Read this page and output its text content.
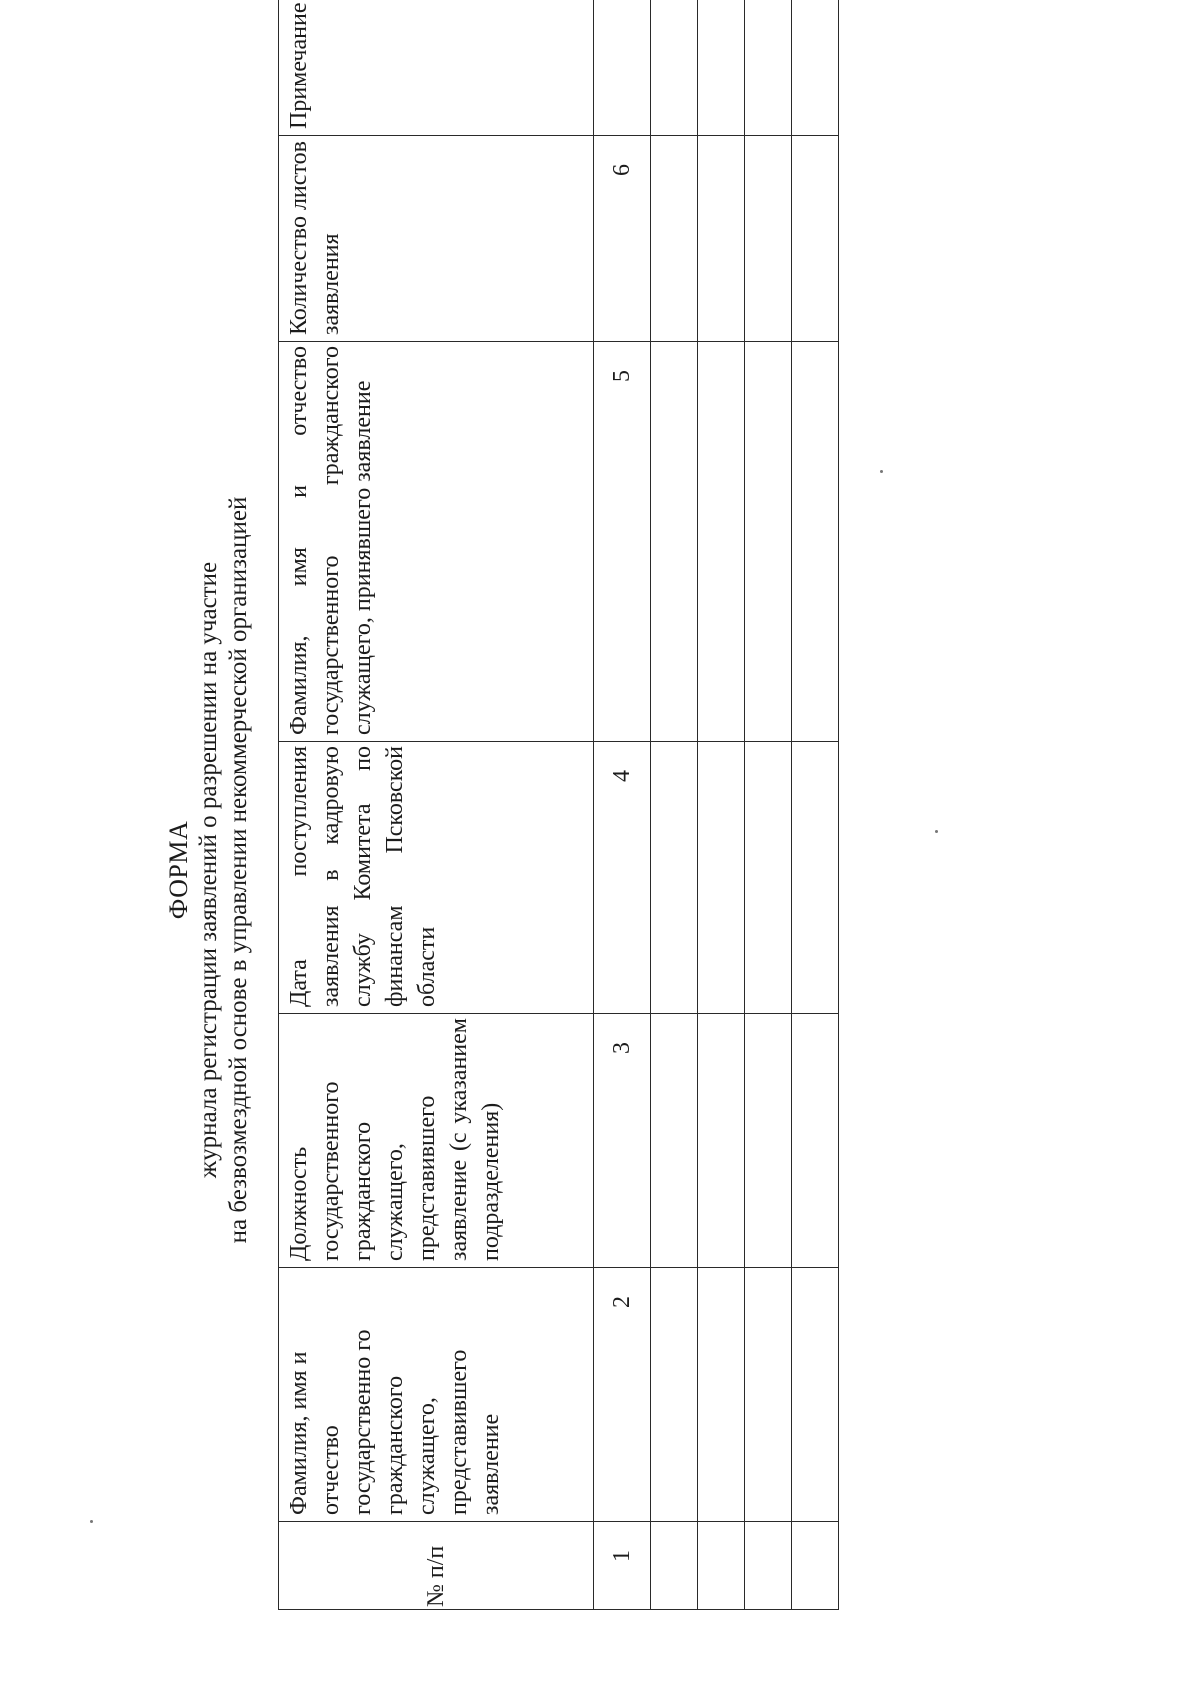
ФОРМА журнала регистрации заявлений о разрешении на участие на безвозмездной основе в управлении некоммерческой организацией
№ п/п	Фамилия, имя и отчество государственно го гражданского служащего, представившего заявление	Должность государственного гражданского служащего, представившего заявление (с указанием подразделения)	Дата поступления заявления в кадровую службу Комитета по финансам Псковской области	Фамилия, имя и отчество государственного гражданского служащего, принявшего заявление	Количество листов заявления	Примечание
1	2	3	4	5	6	
